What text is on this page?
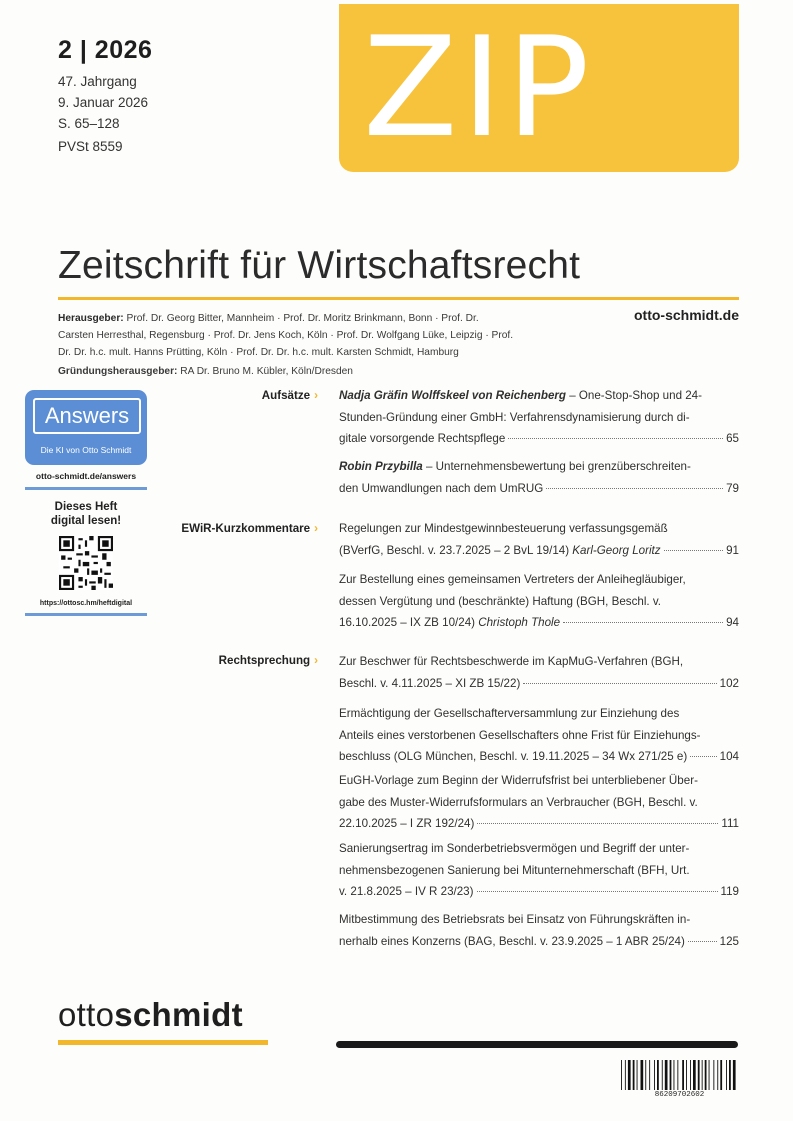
2 | 2026
47. Jahrgang
9. Januar 2026
S. 65–128
PVSt 8559 ZIP
Zeitschrift für Wirtschaftsrecht
Herausgeber: Prof. Dr. Georg Bitter, Mannheim · Prof. Dr. Moritz Brinkmann, Bonn · Prof. Dr.
Carsten Herresthal, Regensburg · Prof. Dr. Jens Koch, Köln · Prof. Dr. Wolfgang Lüke, Leipzig · Prof.
Dr. Dr. h.c. mult. Hanns Prütting, Köln · Prof. Dr. Dr. h.c. mult. Karsten Schmidt, Hamburg
otto-schmidt.de
Gründungsherausgeber: RA Dr. Bruno M. Kübler, Köln/Dresden
Answers
Die KI von Otto Schmidt
otto-schmidt.de/answers
Dieses Heft
digital lesen!
https://ottosc.hm/heftdigital
Aufsätze ›
EWiR-Kurzkommentare ›
Rechtsprechung ›
Nadja Gräfin Wolffskeel von Reichenberg – One-Stop-Shop und 24-
Stunden-Gründung einer GmbH: Verfahrensdynamisierung durch di-
gitale vorsorgende Rechtspflege	65
Robin Przybilla – Unternehmensbewertung bei grenzüberschreiten-
den Umwandlungen nach dem UmRUG	79
Regelungen zur Mindestgewinnbesteuerung verfassungsgemäß
(BVerfG, Beschl. v. 23.7.2025 – 2 BvL 19/14) Karl-Georg Loritz	91
Zur Bestellung eines gemeinsamen Vertreters der Anleihegläubiger,
dessen Vergütung und (beschränkte) Haftung (BGH, Beschl. v.
16.10.2025 – IX ZB 10/24) Christoph Thole	94
Zur Beschwer für Rechtsbeschwerde im KapMuG-Verfahren (BGH,
Beschl. v. 4.11.2025 – XI ZB 15/22)	102
Ermächtigung der Gesellschafterversammlung zur Einziehung des
Anteils eines verstorbenen Gesellschafters ohne Frist für Einziehungs-
beschluss (OLG München, Beschl. v. 19.11.2025 – 34 Wx 271/25 e)	104
EuGH-Vorlage zum Beginn der Widerrufsfrist bei unterbliebener Über-
gabe des Muster-Widerrufsformulars an Verbraucher (BGH, Beschl. v.
22.10.2025 – I ZR 192/24)	111
Sanierungsertrag im Sonderbetriebsvermögen und Begriff der unter-
nehmensbezogenen Sanierung bei Mitunternehmerschaft (BFH, Urt.
v. 21.8.2025 – IV R 23/23)	119
Mitbestimmung des Betriebsrats bei Einsatz von Führungskräften in-
nerhalb eines Konzerns (BAG, Beschl. v. 23.9.2025 – 1 ABR 25/24)	125
ottoschmidt
86209702602
